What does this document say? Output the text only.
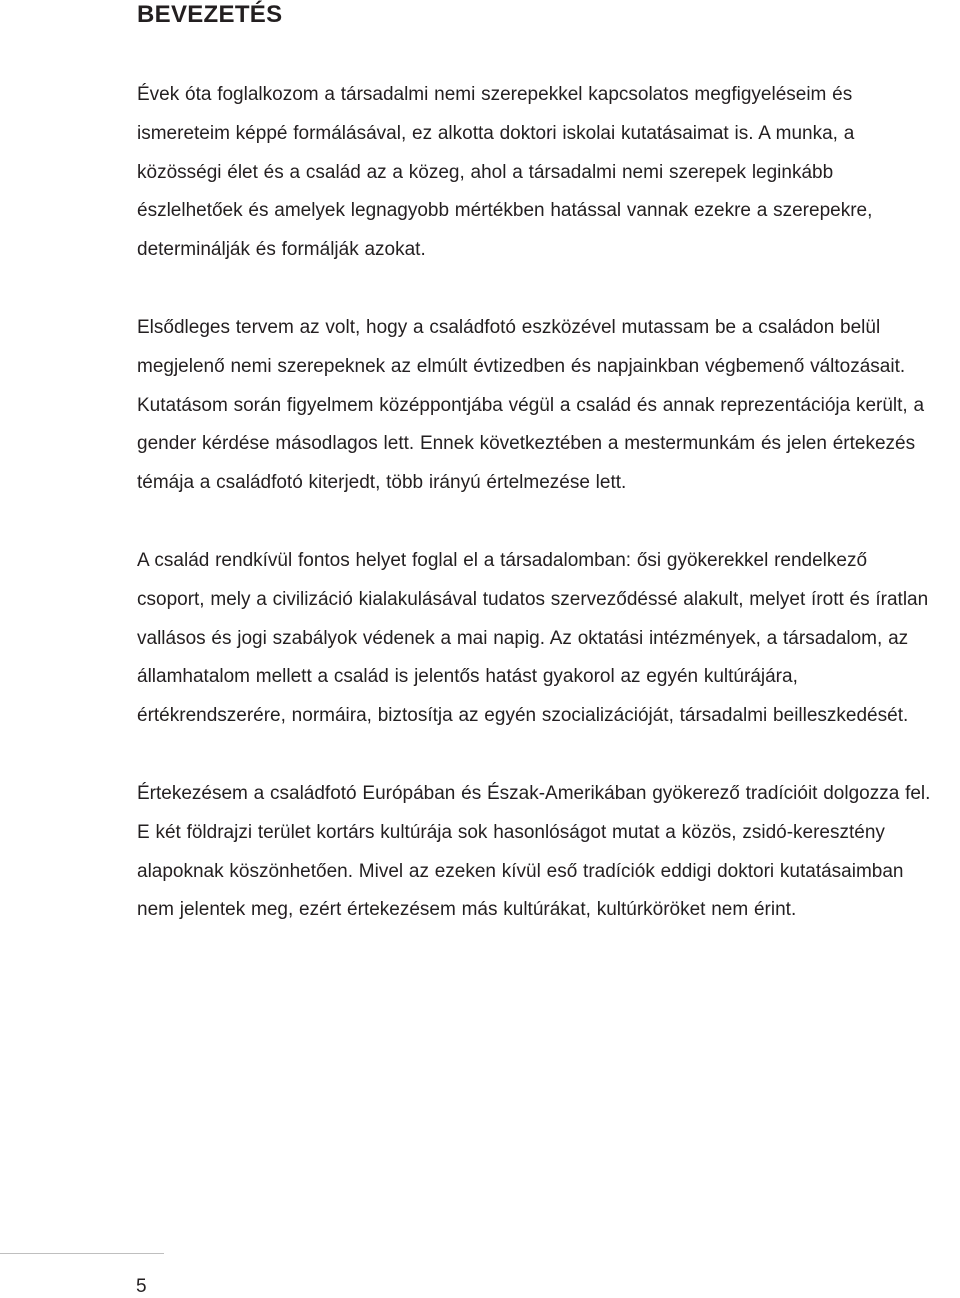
BEVEZETÉS

Évek óta foglalkozom a társadalmi nemi szerepekkel kapcsolatos megfigyeléseim és ismereteim képpé formálásával, ez alkotta doktori iskolai kutatásaimat is. A munka, a közösségi élet és a család az a közeg, ahol a társadalmi nemi szerepek leginkább észlelhetőek és amelyek legnagyobb mértékben hatással vannak ezekre a szerepekre, determinálják és formálják azokat.

Elsődleges tervem az volt, hogy a családfotó eszközével mutassam be a családon belül megjelenő nemi szerepeknek az elmúlt évtizedben és napjainkban végbemenő változásait. Kutatásom során figyelmem középpontjába végül a család és annak reprezentációja került, a gender kérdése másodlagos lett. Ennek következtében a mestermunkám és jelen értekezés témája a családfotó kiterjedt, több irányú értelmezése lett.

A család rendkívül fontos helyet foglal el a társadalomban: ősi gyökerekkel rendelkező csoport, mely a civilizáció kialakulásával tudatos szerveződéssé alakult, melyet írott és íratlan vallásos és jogi szabályok védenek a mai napig. Az oktatási intézmények, a társadalom, az államhatalom mellett a család is jelentős hatást gyakorol az egyén kultúrájára, értékrendszerére, normáira, biztosítja az egyén szocializációját, társadalmi beilleszkedését.

Értekezésem a családfotó Európában és Észak-Amerikában gyökerező tradícióit dolgozza fel. E két földrajzi terület kortárs kultúrája sok hasonlóságot mutat a közös, zsidó-keresztény alapoknak köszönhetően. Mivel az ezeken kívül eső tradíciók eddigi doktori kutatásaimban nem jelentek meg, ezért értekezésem más kultúrákat, kultúrköröket nem érint.

5
